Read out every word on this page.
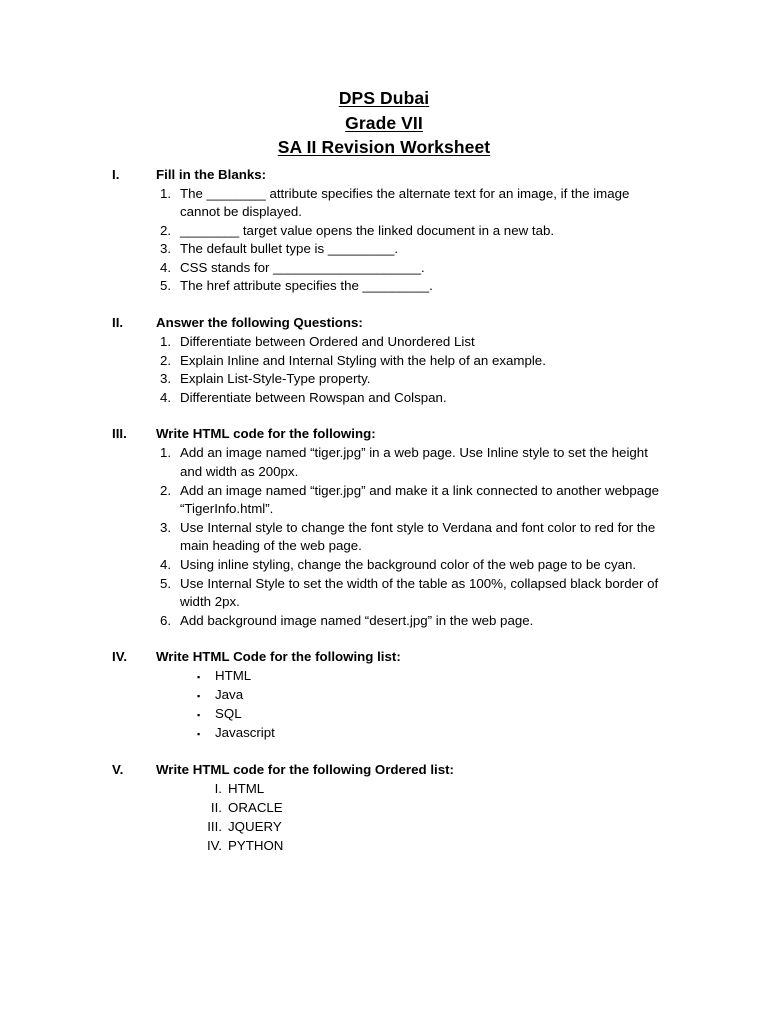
DPS Dubai
Grade VII
SA II Revision Worksheet
I.	Fill in the Blanks:
1. The ________ attribute specifies the alternate text for an image, if the image cannot be displayed.
2. ________ target value opens the linked document in a new tab.
3. The default bullet type is _________.
4. CSS stands for ____________________.
5. The href attribute specifies the _________.
II.	Answer the following Questions:
1. Differentiate between Ordered and Unordered List
2. Explain Inline and Internal Styling with the help of an example.
3. Explain List-Style-Type property.
4. Differentiate between Rowspan and Colspan.
III.	Write HTML code for the following:
1. Add an image named “tiger.jpg” in a web page. Use Inline style to set the height and width as 200px.
2. Add an image named “tiger.jpg” and make it a link connected to another webpage “TigerInfo.html”.
3. Use Internal style to change the font style to Verdana and font color to red for the main heading of the web page.
4. Using inline styling, change the background color of the web page to be cyan.
5. Use Internal Style to set the width of the table as 100%, collapsed black border of width 2px.
6. Add background image named “desert.jpg” in the web page.
IV.	Write HTML Code for the following list:
▪ HTML
▪ Java
▪ SQL
▪ Javascript
V.	Write HTML code for the following Ordered list:
I. HTML
II. ORACLE
III. JQUERY
IV. PYTHON
